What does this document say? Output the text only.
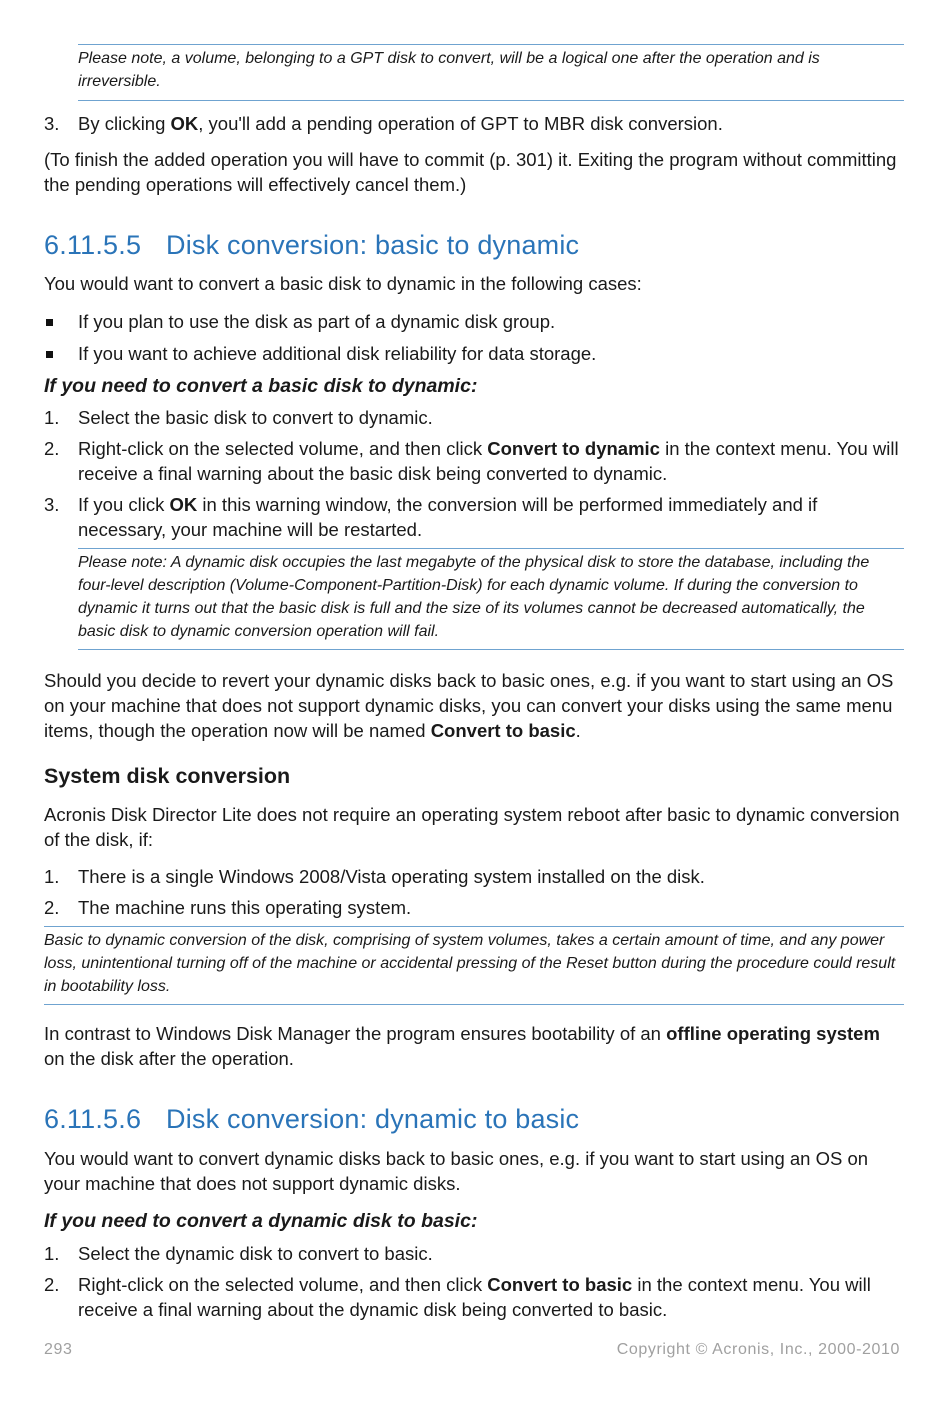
Please note, a volume, belonging to a GPT disk to convert, will be a logical one after the operation and is irreversible.

3.	By clicking OK, you'll add a pending operation of GPT to MBR disk conversion.
(To finish the added operation you will have to commit (p. 301) it. Exiting the program without committing the pending operations will effectively cancel them.)
6.11.5.5 Disk conversion: basic to dynamic
You would want to convert a basic disk to dynamic in the following cases:
If you plan to use the disk as part of a dynamic disk group.
If you want to achieve additional disk reliability for data storage.
If you need to convert a basic disk to dynamic:
1.	Select the basic disk to convert to dynamic.
2.	Right-click on the selected volume, and then click Convert to dynamic in the context menu. You will receive a final warning about the basic disk being converted to dynamic.
3.	If you click OK in this warning window, the conversion will be performed immediately and if necessary, your machine will be restarted.

Please note: A dynamic disk occupies the last megabyte of the physical disk to store the database, including the four-level description (Volume-Component-Partition-Disk) for each dynamic volume. If during the conversion to dynamic it turns out that the basic disk is full and the size of its volumes cannot be decreased automatically, the basic disk to dynamic conversion operation will fail.

Should you decide to revert your dynamic disks back to basic ones, e.g. if you want to start using an OS on your machine that does not support dynamic disks, you can convert your disks using the same menu items, though the operation now will be named Convert to basic.
System disk conversion
Acronis Disk Director Lite does not require an operating system reboot after basic to dynamic conversion of the disk, if:
1.	There is a single Windows 2008/Vista operating system installed on the disk.
2.	The machine runs this operating system.

Basic to dynamic conversion of the disk, comprising of system volumes, takes a certain amount of time, and any power loss, unintentional turning off of the machine or accidental pressing of the Reset button during the procedure could result in bootability loss.

In contrast to Windows Disk Manager the program ensures bootability of an offline operating system on the disk after the operation.
6.11.5.6 Disk conversion: dynamic to basic
You would want to convert dynamic disks back to basic ones, e.g. if you want to start using an OS on your machine that does not support dynamic disks.
If you need to convert a dynamic disk to basic:
1.	Select the dynamic disk to convert to basic.
2.	Right-click on the selected volume, and then click Convert to basic in the context menu. You will receive a final warning about the dynamic disk being converted to basic.
293	Copyright © Acronis, Inc., 2000-2010
